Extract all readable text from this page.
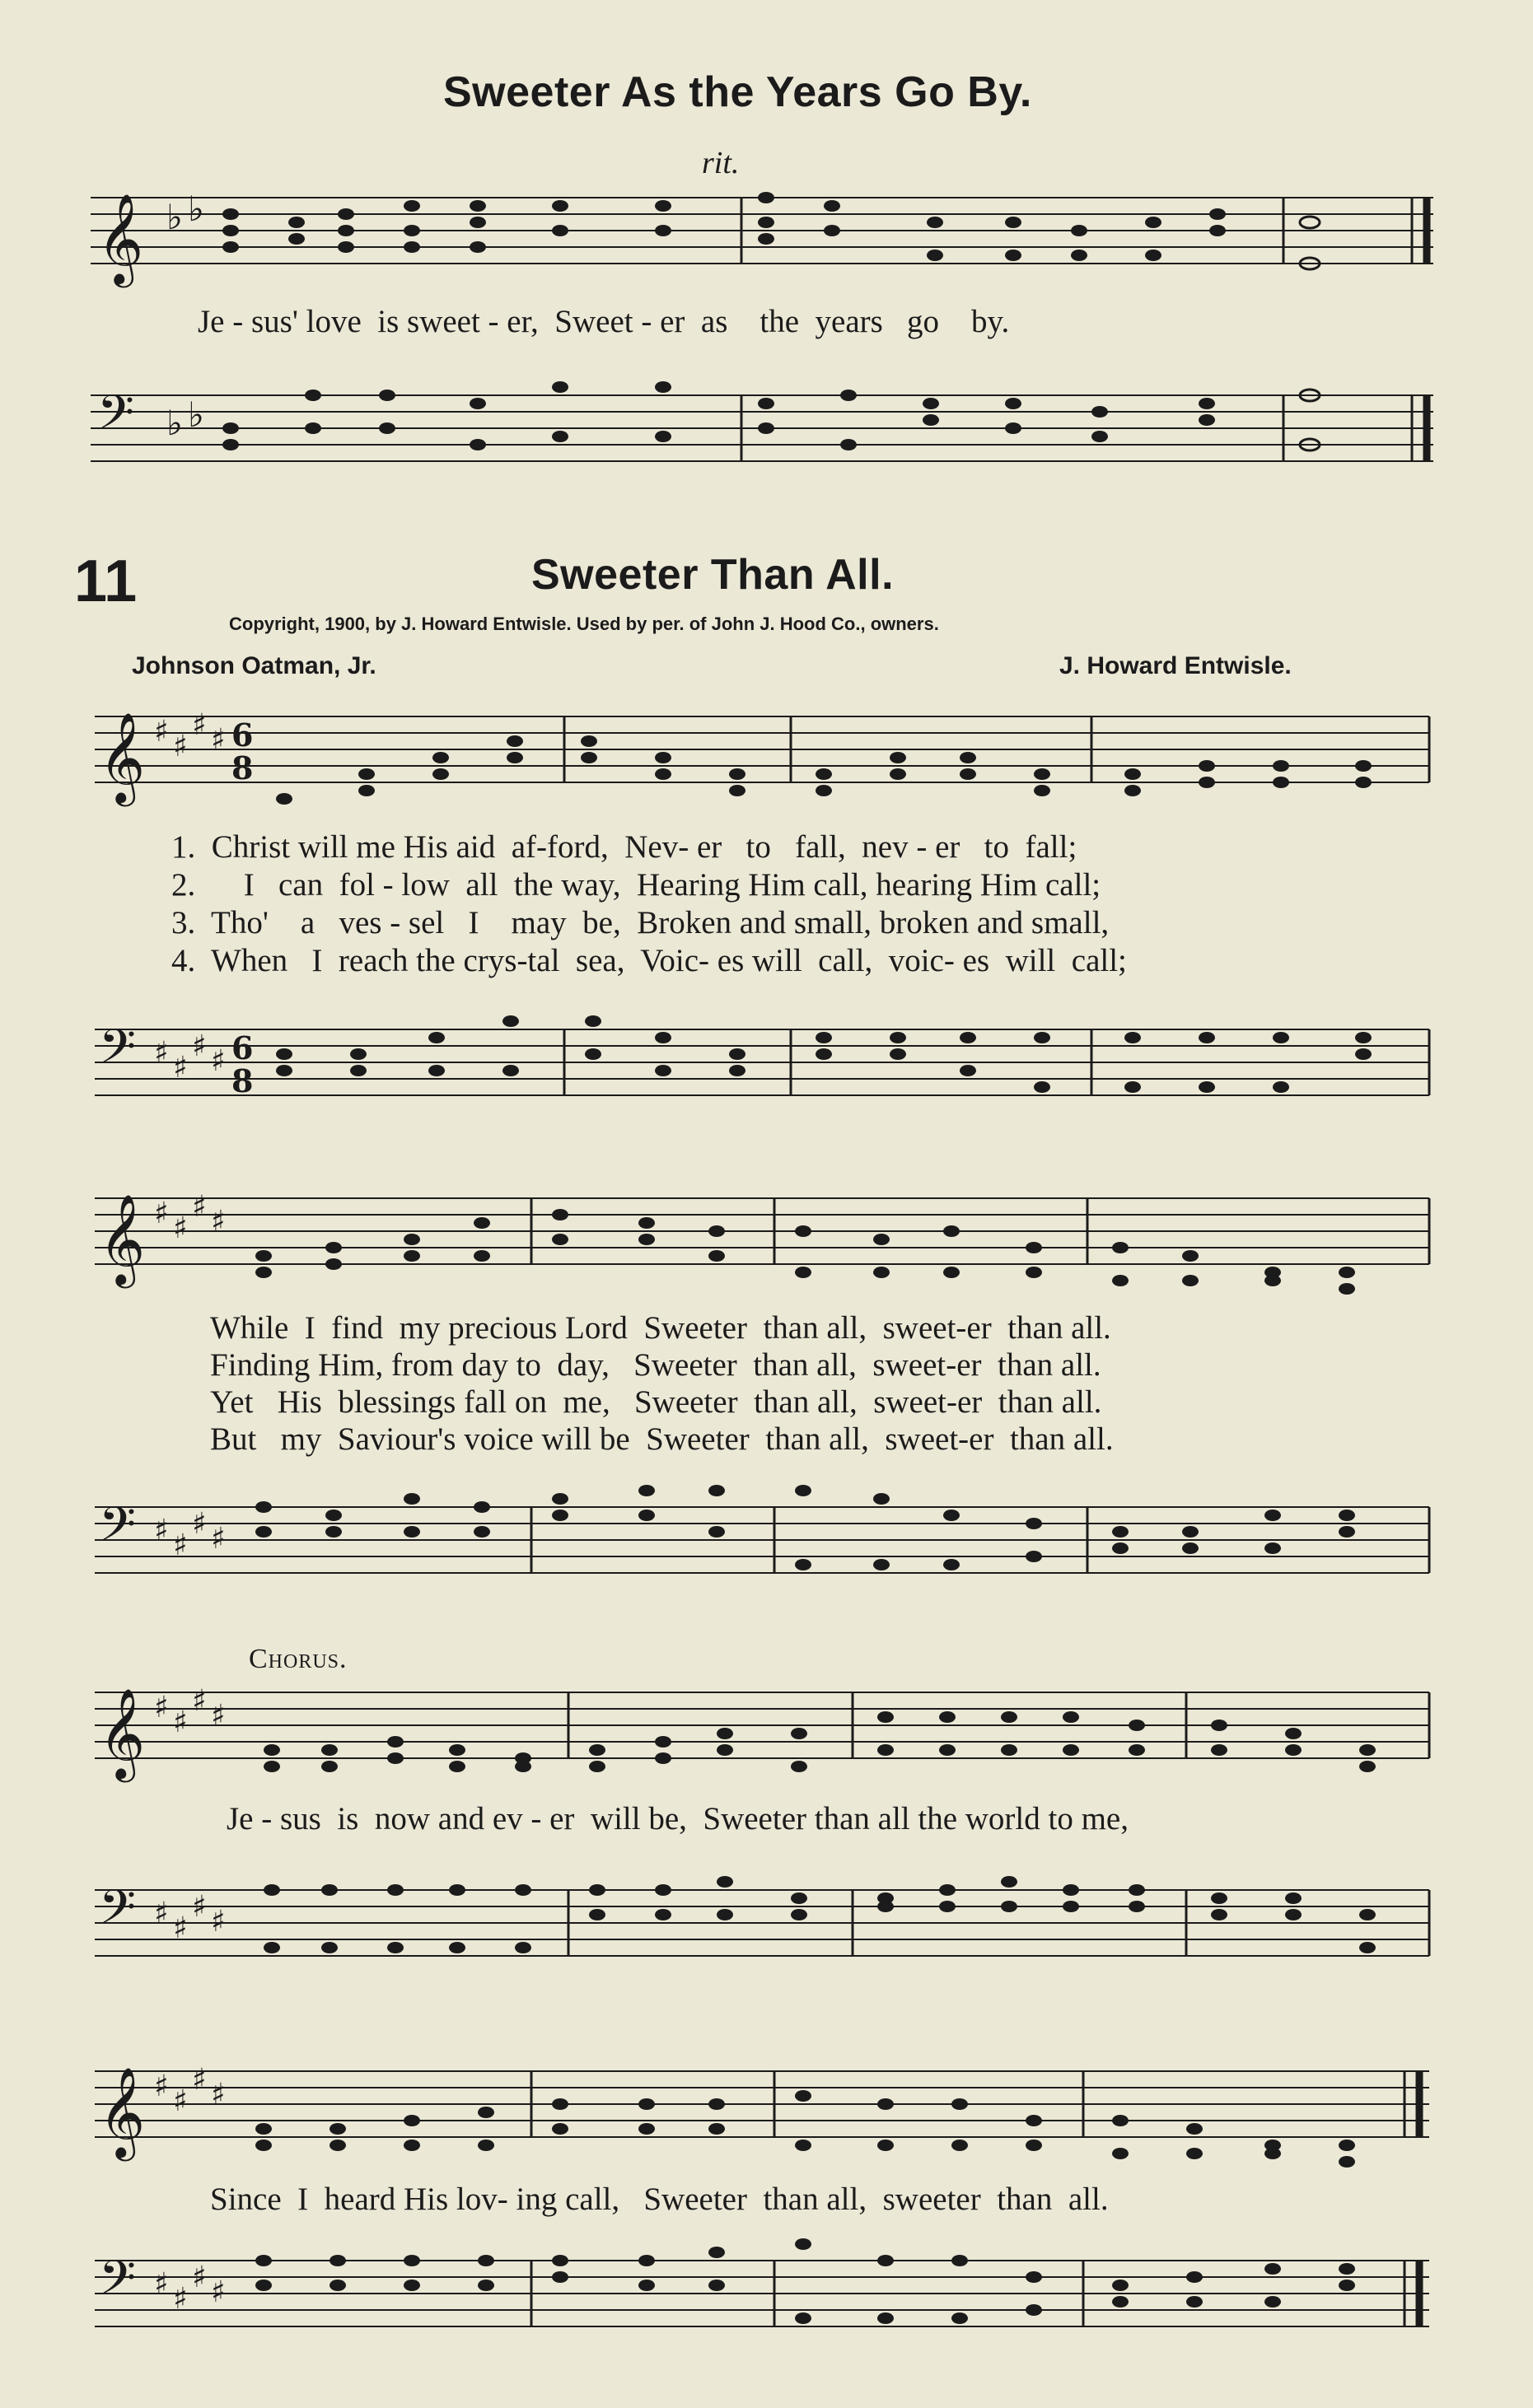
Sweeter As the Years Go By.
rit.
𝄞 ♭ ♭
Je - sus' love  is sweet - er,  Sweet - er  as    the  years   go    by.
𝄢 ♭ ♭
11	Sweeter Than All.
Copyright, 1900, by J. Howard Entwisle. Used by per. of John J. Hood Co., owners.
Johnson Oatman, Jr.	J. Howard Entwisle.
𝄞 ♯ ♯
♯ ♯ 6
8
1.  Christ will me His aid  af-ford,  Nev- er   to   fall,  nev - er   to  fall;
2.      I   can  fol - low  all  the way,  Hearing Him call, hearing Him call;
3.  Tho'    a   ves - sel   I    may  be,  Broken and small, broken and small,
4.  When   I  reach the crys-tal  sea,  Voic- es will  call,  voic- es  will  call;
𝄢 ♯ ♯
♯ ♯ 6
8
𝄞 ♯ ♯
♯ ♯
While  I  find  my precious Lord  Sweeter  than all,  sweet-er  than all.
Finding Him, from day to  day,   Sweeter  than all,  sweet-er  than all.
Yet   His  blessings fall on  me,   Sweeter  than all,  sweet-er  than all.
But   my  Saviour's voice will be  Sweeter  than all,  sweet-er  than all.
𝄢 ♯ ♯
♯ ♯
Chorus.
𝄞 ♯ ♯
♯ ♯
Je - sus  is  now and ev - er  will be,  Sweeter than all the world to me,
𝄢 ♯ ♯
♯ ♯
𝄞 ♯ ♯
♯ ♯
Since  I  heard His lov- ing call,   Sweeter  than all,  sweeter  than  all.
𝄢 ♯ ♯
♯ ♯
